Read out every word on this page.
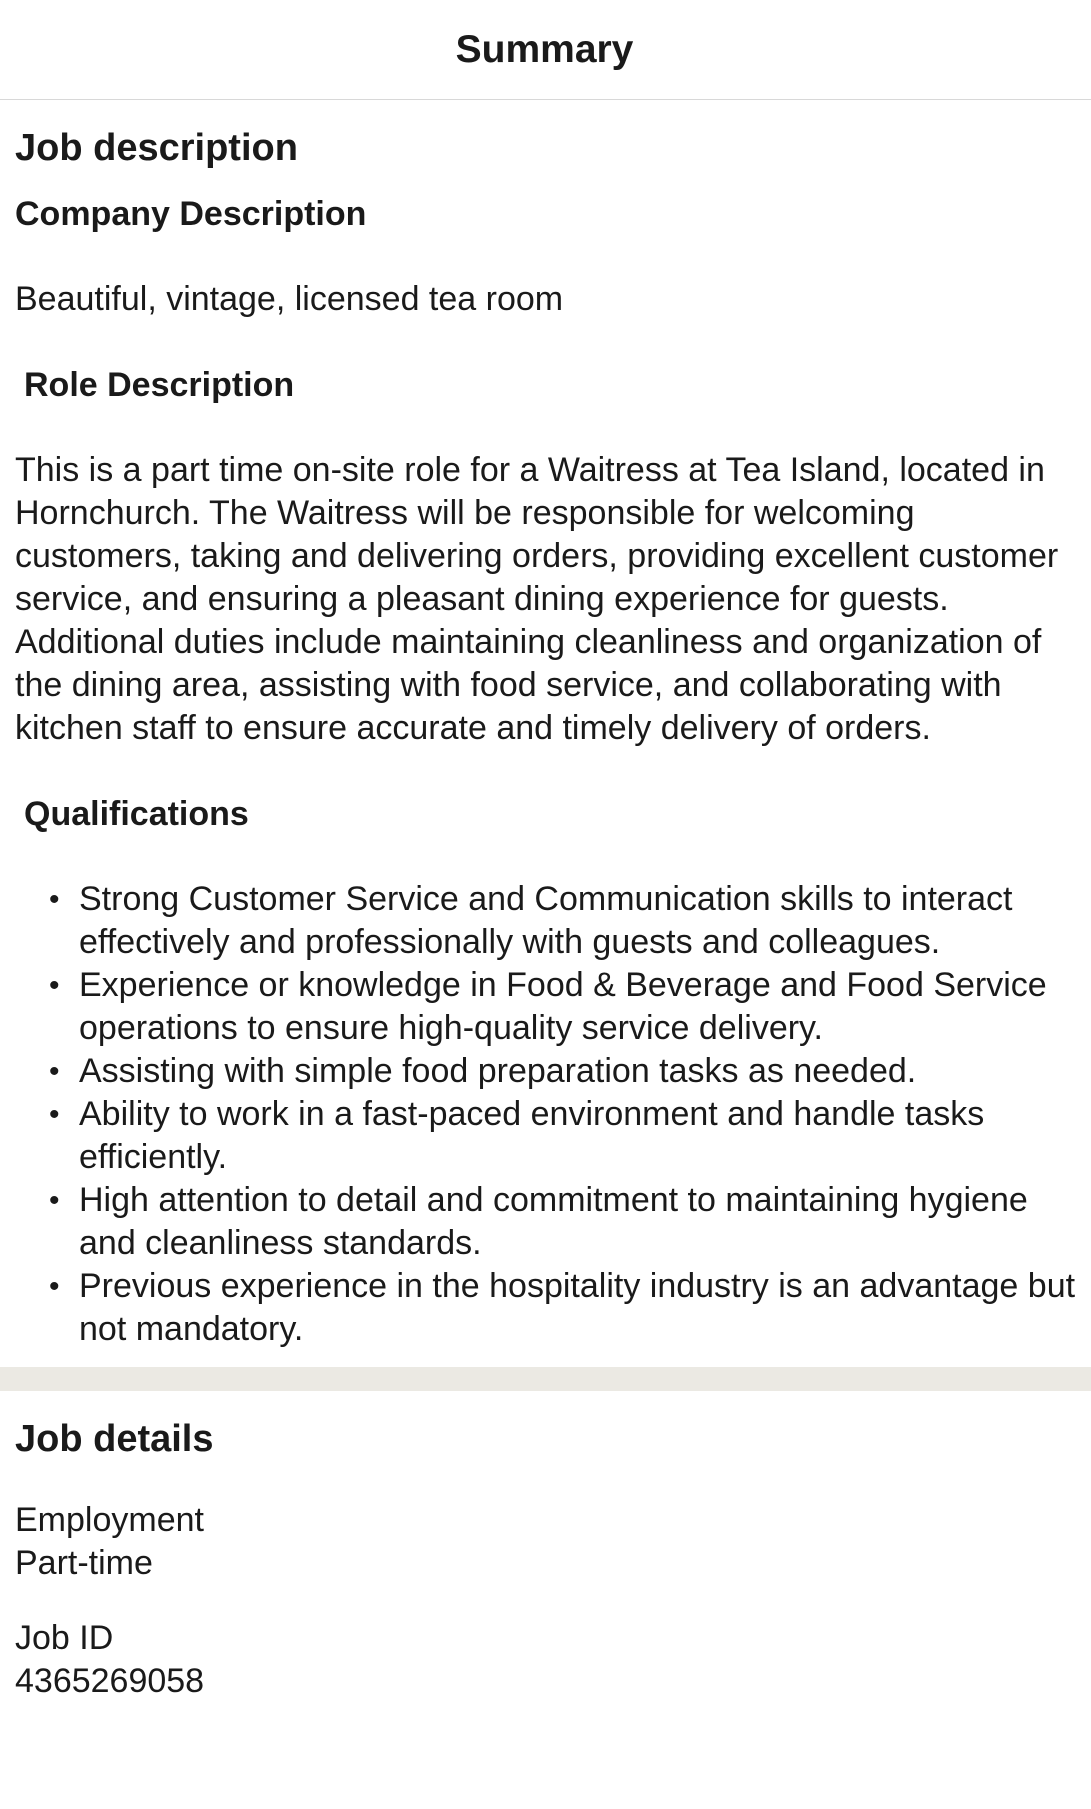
Summary
Job description
Company Description

Beautiful, vintage, licensed tea room

Role Description

This is a part time on-site role for a Waitress at Tea Island, located in Hornchurch. The Waitress will be responsible for welcoming customers, taking and delivering orders, providing excellent customer service, and ensuring a pleasant dining experience for guests. Additional duties include maintaining cleanliness and organization of the dining area, assisting with food service, and collaborating with kitchen staff to ensure accurate and timely delivery of orders.

Qualifications
• Strong Customer Service and Communication skills to interact effectively and professionally with guests and colleagues.
• Experience or knowledge in Food & Beverage and Food Service operations to ensure high-quality service delivery.
• Assisting with simple food preparation tasks as needed.
• Ability to work in a fast-paced environment and handle tasks efficiently.
• High attention to detail and commitment to maintaining hygiene and cleanliness standards.
• Previous experience in the hospitality industry is an advantage but not mandatory.
Job details

Employment

Part-time

Job ID

4365269058
